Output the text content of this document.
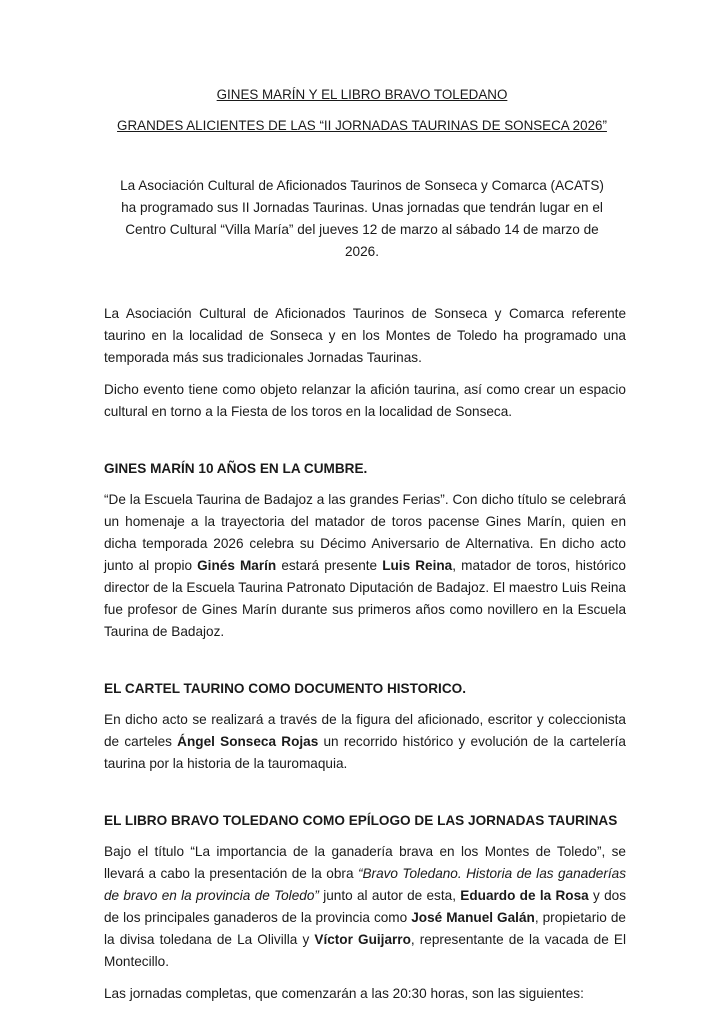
GINES MARÍN Y EL LIBRO BRAVO TOLEDANO
GRANDES ALICIENTES DE LAS “II JORNADAS TAURINAS DE SONSECA 2026”
La Asociación Cultural de Aficionados Taurinos de Sonseca y Comarca (ACATS) ha programado sus II Jornadas Taurinas. Unas jornadas que tendrán lugar en el Centro Cultural “Villa María” del jueves 12 de marzo al sábado 14 de marzo de 2026.
La Asociación Cultural de Aficionados Taurinos de Sonseca y Comarca referente taurino en la localidad de Sonseca y en los Montes de Toledo ha programado una temporada más sus tradicionales Jornadas Taurinas.
Dicho evento tiene como objeto relanzar la afición taurina, así como crear un espacio cultural en torno a la Fiesta de los toros en la localidad de Sonseca.
GINES MARÍN 10 AÑOS EN LA CUMBRE.
“De la Escuela Taurina de Badajoz a las grandes Ferias”. Con dicho título se celebrará un homenaje a la trayectoria del matador de toros pacense Gines Marín, quien en dicha temporada 2026 celebra su Décimo Aniversario de Alternativa. En dicho acto junto al propio Ginés Marín estará presente Luis Reina, matador de toros, histórico director de la Escuela Taurina Patronato Diputación de Badajoz. El maestro Luis Reina fue profesor de Gines Marín durante sus primeros años como novillero en la Escuela Taurina de Badajoz.
EL CARTEL TAURINO COMO DOCUMENTO HISTORICO.
En dicho acto se realizará a través de la figura del aficionado, escritor y coleccionista de carteles Ángel Sonseca Rojas un recorrido histórico y evolución de la cartelería taurina por la historia de la tauromaquia.
EL LIBRO BRAVO TOLEDANO COMO EPÍLOGO DE LAS JORNADAS TAURINAS
Bajo el título “La importancia de la ganadería brava en los Montes de Toledo”, se llevará a cabo la presentación de la obra “Bravo Toledano. Historia de las ganaderías de bravo en la provincia de Toledo” junto al autor de esta, Eduardo de la Rosa y dos de los principales ganaderos de la provincia como José Manuel Galán, propietario de la divisa toledana de La Olivilla y Víctor Guijarro, representante de la vacada de El Montecillo.
Las jornadas completas, que comenzarán a las 20:30 horas, son las siguientes:
